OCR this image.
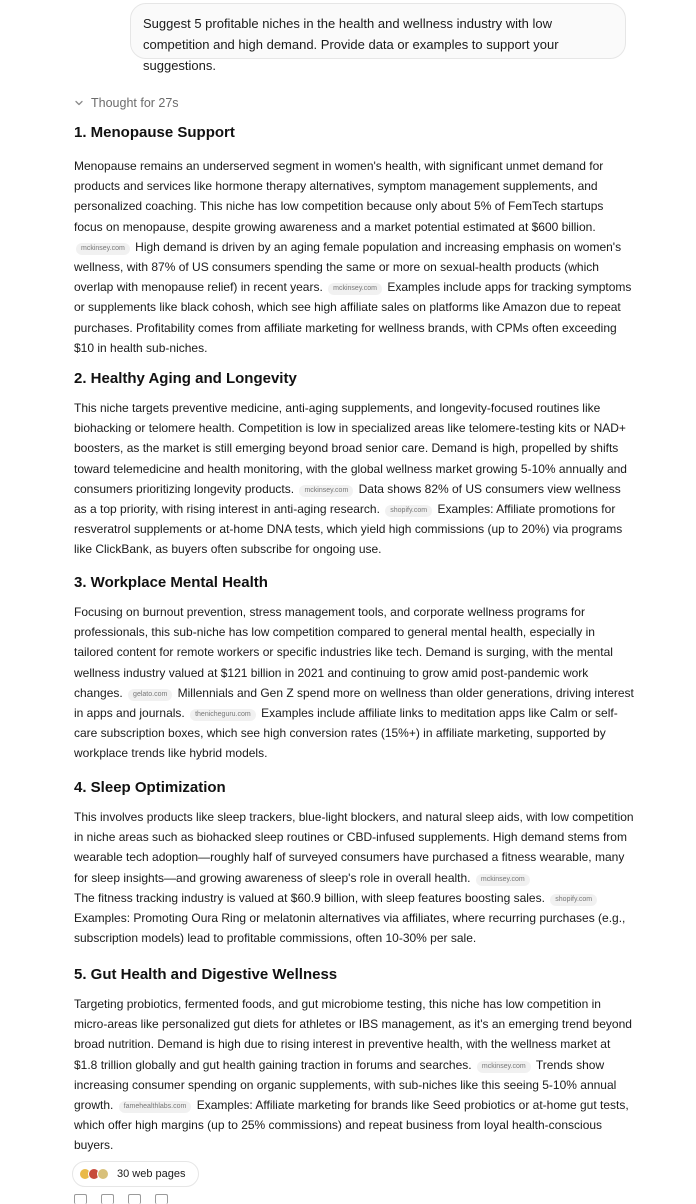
Suggest 5 profitable niches in the health and wellness industry with low competition and high demand. Provide data or examples to support your suggestions.
Thought for 27s
1. Menopause Support

Menopause remains an underserved segment in women's health, with significant unmet demand for products and services like hormone therapy alternatives, symptom management supplements, and personalized coaching. This niche has low competition because only about 5% of FemTech startups focus on menopause, despite growing awareness and a market potential estimated at $600 billion.
mckinsey.com High demand is driven by an aging female population and increasing emphasis on women's wellness, with 87% of US consumers spending the same or more on sexual-health products (which overlap with menopause relief) in recent years. mckinsey.com Examples include apps for tracking symptoms or supplements like black cohosh, which see high affiliate sales on platforms like Amazon due to repeat purchases. Profitability comes from affiliate marketing for wellness brands, with CPMs often exceeding $10 in health sub-niches.

2. Healthy Aging and Longevity

This niche targets preventive medicine, anti-aging supplements, and longevity-focused routines like biohacking or telomere health. Competition is low in specialized areas like telomere-testing kits or NAD+ boosters, as the market is still emerging beyond broad senior care. Demand is high, propelled by shifts toward telemedicine and health monitoring, with the global wellness market growing 5-10% annually and consumers prioritizing longevity products. mckinsey.com Data shows 82% of US consumers view wellness as a top priority, with rising interest in anti-aging research. shopify.com Examples: Affiliate promotions for resveratrol supplements or at-home DNA tests, which yield high commissions (up to 20%) via programs like ClickBank, as buyers often subscribe for ongoing use.

3. Workplace Mental Health

Focusing on burnout prevention, stress management tools, and corporate wellness programs for professionals, this sub-niche has low competition compared to general mental health, especially in tailored content for remote workers or specific industries like tech. Demand is surging, with the mental wellness industry valued at $121 billion in 2021 and continuing to grow amid post-pandemic work changes. gelato.com Millennials and Gen Z spend more on wellness than older generations, driving interest in apps and journals. thenicheguru.com Examples include affiliate links to meditation apps like Calm or self-care subscription boxes, which see high conversion rates (15%+) in affiliate marketing, supported by workplace trends like hybrid models.

4. Sleep Optimization

This involves products like sleep trackers, blue-light blockers, and natural sleep aids, with low competition in niche areas such as biohacked sleep routines or CBD-infused supplements. High demand stems from wearable tech adoption—roughly half of surveyed consumers have purchased a fitness wearable, many for sleep insights—and growing awareness of sleep's role in overall health. mckinsey.com
The fitness tracking industry is valued at $60.9 billion, with sleep features boosting sales. shopify.com
Examples: Promoting Oura Ring or melatonin alternatives via affiliates, where recurring purchases (e.g., subscription models) lead to profitable commissions, often 10-30% per sale.

5. Gut Health and Digestive Wellness

Targeting probiotics, fermented foods, and gut microbiome testing, this niche has low competition in micro-areas like personalized gut diets for athletes or IBS management, as it's an emerging trend beyond broad nutrition. Demand is high due to rising interest in preventive health, with the wellness market at $1.8 trillion globally and gut health gaining traction in forums and searches. mckinsey.com Trends show increasing consumer spending on organic supplements, with sub-niches like this seeing 5-10% annual growth. famehealthlabs.com Examples: Affiliate marketing for brands like Seed probiotics or at-home gut tests, which offer high margins (up to 25% commissions) and repeat business from loyal health-conscious buyers.

30 web pages
